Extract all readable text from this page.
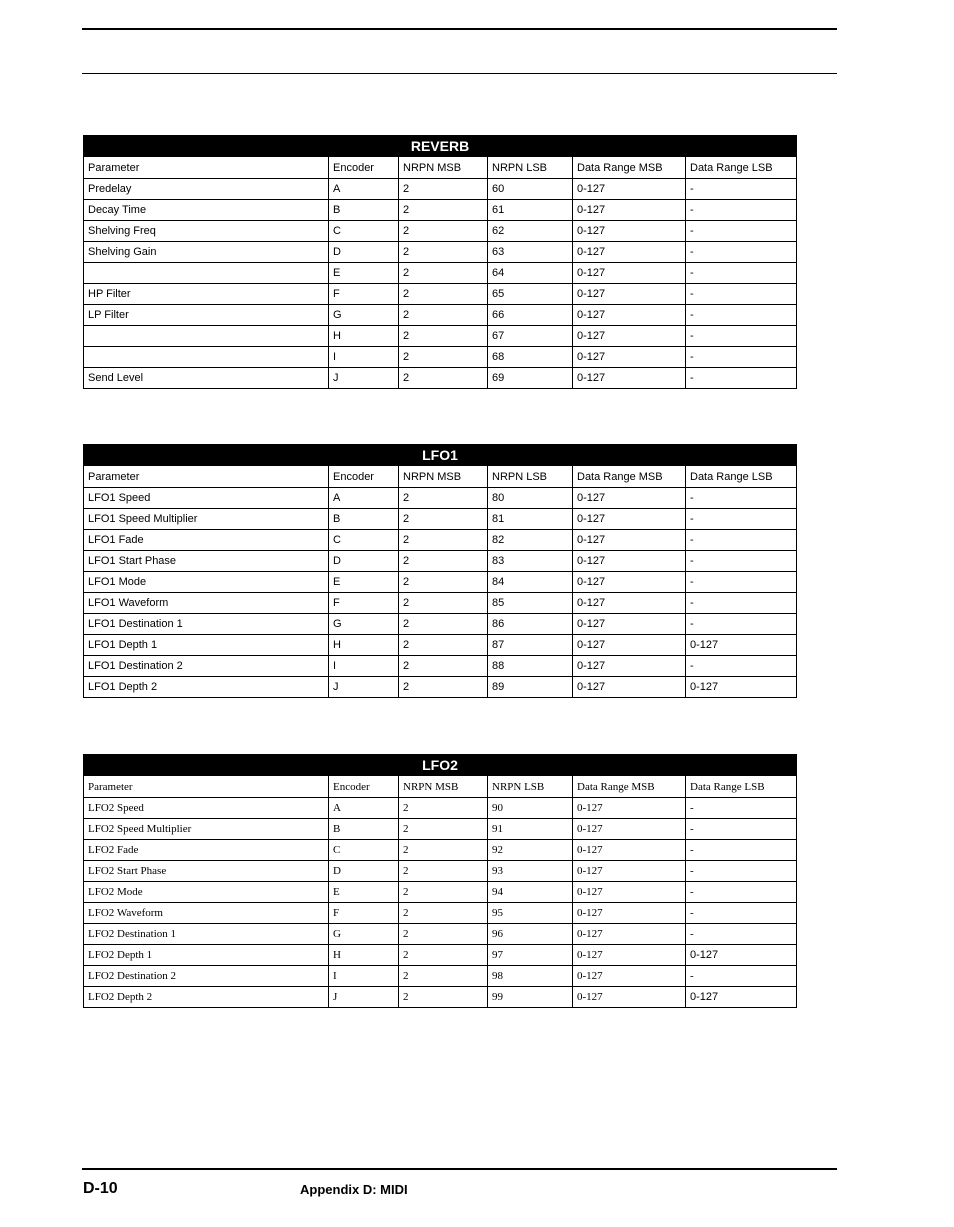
REVERB					
Parameter	Encoder	NRPN MSB	NRPN LSB	Data Range MSB	Data Range LSB
Predelay	A	2	60	0-127	-
Decay Time	B	2	61	0-127	-
Shelving Freq	C	2	62	0-127	-
Shelving Gain	D	2	63	0-127	-
	E	2	64	0-127	-
HP Filter	F	2	65	0-127	-
LP Filter	G	2	66	0-127	-
	H	2	67	0-127	-
	I	2	68	0-127	-
Send Level	J	2	69	0-127	-
LFO1					
Parameter	Encoder	NRPN MSB	NRPN LSB	Data Range MSB	Data Range LSB
LFO1 Speed	A	2	80	0-127	-
LFO1 Speed Multiplier	B	2	81	0-127	-
LFO1 Fade	C	2	82	0-127	-
LFO1 Start Phase	D	2	83	0-127	-
LFO1 Mode	E	2	84	0-127	-
LFO1 Waveform	F	2	85	0-127	-
LFO1 Destination 1	G	2	86	0-127	-
LFO1 Depth 1	H	2	87	0-127	0-127
LFO1 Destination 2	I	2	88	0-127	-
LFO1 Depth 2	J	2	89	0-127	0-127
LFO2					
Parameter	Encoder	NRPN MSB	NRPN LSB	Data Range MSB	Data Range LSB
LFO2 Speed	A	2	90	0-127	-
LFO2 Speed Multiplier	B	2	91	0-127	-
LFO2 Fade	C	2	92	0-127	-
LFO2 Start Phase	D	2	93	0-127	-
LFO2 Mode	E	2	94	0-127	-
LFO2 Waveform	F	2	95	0-127	-
LFO2 Destination 1	G	2	96	0-127	-
LFO2 Depth 1	H	2	97	0-127	0-127
LFO2 Destination 2	I	2	98	0-127	-
LFO2 Depth 2	J	2	99	0-127	0-127
D-10	Appendix D: MIDI
